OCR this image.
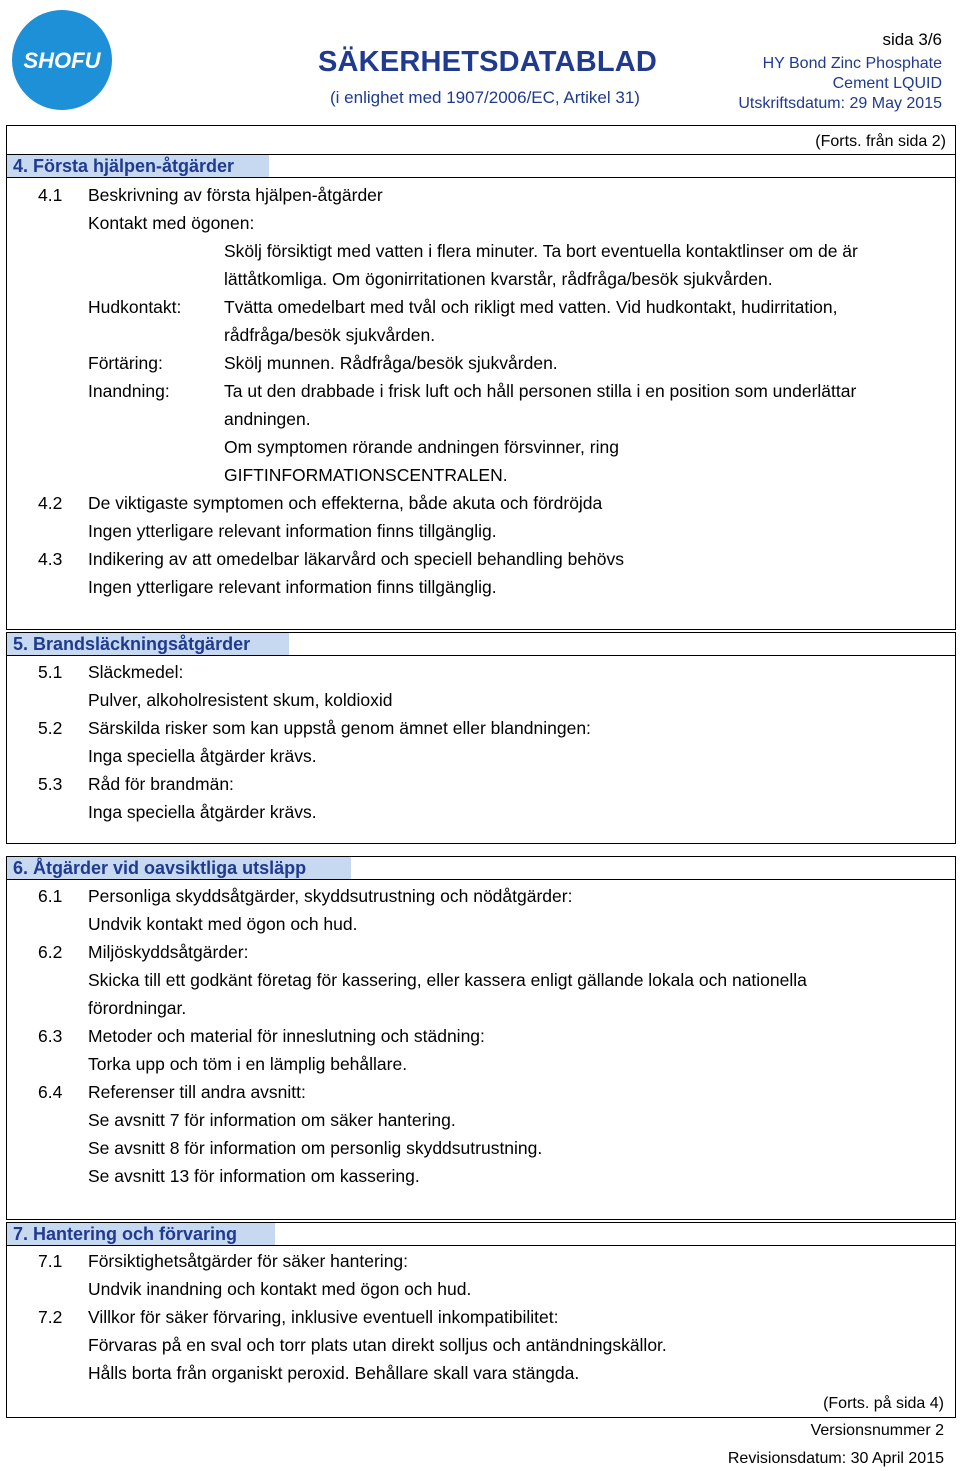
SHOFU	SÄKERHETSDATABLAD
(i enlighet med 1907/2006/EC, Artikel 31)
sida 3/6
HY Bond Zinc Phosphate
Cement LQUID
Utskriftsdatum: 29 May 2015
(Forts. från sida 2)
4. Första hjälpen-åtgärder
4.1 Beskrivning av första hjälpen-åtgärder
Kontakt med ögonen:
Skölj försiktigt med vatten i flera minuter. Ta bort eventuella kontaktlinser om de är
lättåtkomliga. Om ögonirritationen kvarstår, rådfråga/besök sjukvården.
Hudkontakt: Tvätta omedelbart med tvål och rikligt med vatten. Vid hudkontakt, hudirritation,
rådfråga/besök sjukvården.
Förtäring:	Skölj munnen. Rådfråga/besök sjukvården.
Inandning:	Ta ut den drabbade i frisk luft och håll personen stilla i en position som underlättar
andningen.
Om symptomen rörande andningen försvinner, ring
GIFTINFORMATIONSCENTRALEN.
4.2 De viktigaste symptomen och effekterna, både akuta och fördröjda
Ingen ytterligare relevant information finns tillgänglig.
4.3 Indikering av att omedelbar läkarvård och speciell behandling behövs
Ingen ytterligare relevant information finns tillgänglig.
5. Brandsläckningsåtgärder
5.1 Släckmedel:
Pulver, alkoholresistent skum, koldioxid
5.2 Särskilda risker som kan uppstå genom ämnet eller blandningen:
Inga speciella åtgärder krävs.
5.3 Råd för brandmän:
Inga speciella åtgärder krävs.
6. Åtgärder vid oavsiktliga utsläpp
6.1 Personliga skyddsåtgärder, skyddsutrustning och nödåtgärder:
Undvik kontakt med ögon och hud.
6.2 Miljöskyddsåtgärder:
Skicka till ett godkänt företag för kassering, eller kassera enligt gällande lokala och nationella
förordningar.
6.3 Metoder och material för inneslutning och städning:
Torka upp och töm i en lämplig behållare.
6.4 Referenser till andra avsnitt:
Se avsnitt 7 för information om säker hantering.
Se avsnitt 8 för information om personlig skyddsutrustning.
Se avsnitt 13 för information om kassering.
7. Hantering och förvaring
7.1 Försiktighetsåtgärder för säker hantering:
Undvik inandning och kontakt med ögon och hud.
7.2 Villkor för säker förvaring, inklusive eventuell inkompatibilitet:
Förvaras på en sval och torr plats utan direkt solljus och antändningskällor.
Hålls borta från organiskt peroxid. Behållare skall vara stängda.
(Forts. på sida 4)
Versionsnummer 2
Revisionsdatum: 30 April 2015
